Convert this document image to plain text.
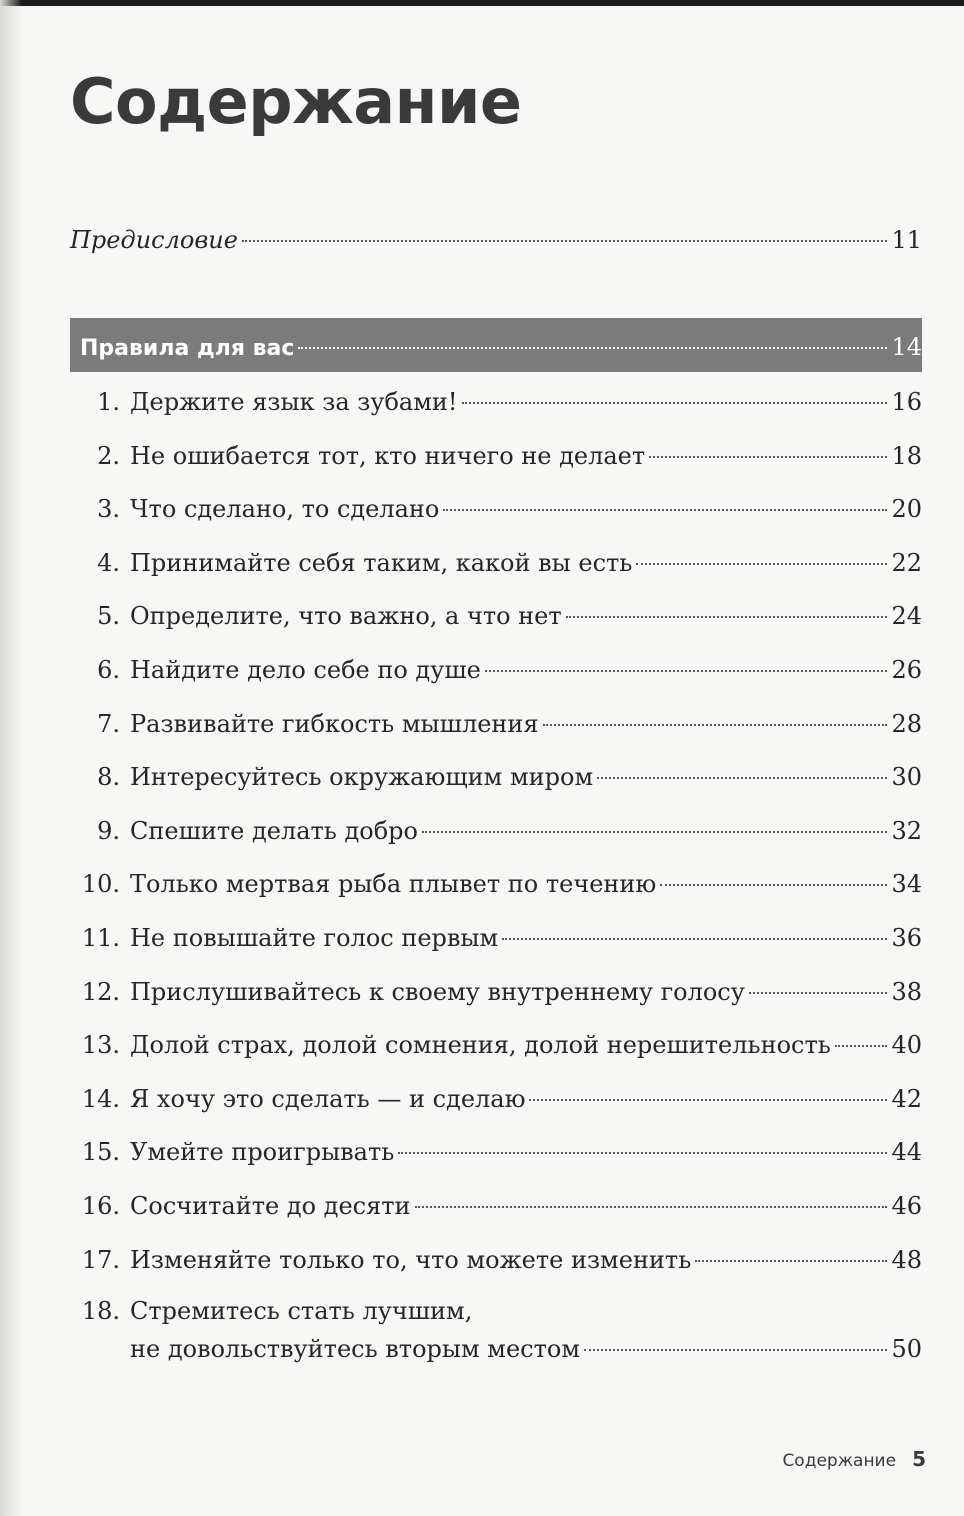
Содержание
Предисловие	11
Правила для вас	14
1. Держите язык за зубами!	16
2. Не ошибается тот, кто ничего не делает	18
3. Что сделано, то сделано	20
4. Принимайте себя таким, какой вы есть	22
5. Определите, что важно, а что нет	24
6. Найдите дело себе по душе	26
7. Развивайте гибкость мышления	28
8. Интересуйтесь окружающим миром	30
9. Спешите делать добро	32
10. Только мертвая рыба плывет по течению	34
11. Не повышайте голос первым	36
12. Прислушивайтесь к своему внутреннему голосу	38
13. Долой страх, долой сомнения, долой нерешительность	40
14. Я хочу это сделать — и сделаю	42
15. Умейте проигрывать	44
16. Сосчитайте до десяти	46
17. Изменяйте только то, что можете изменить	48
18. Стремитесь стать лучшим,
не довольствуйтесь вторым местом	50
Содержание 5
